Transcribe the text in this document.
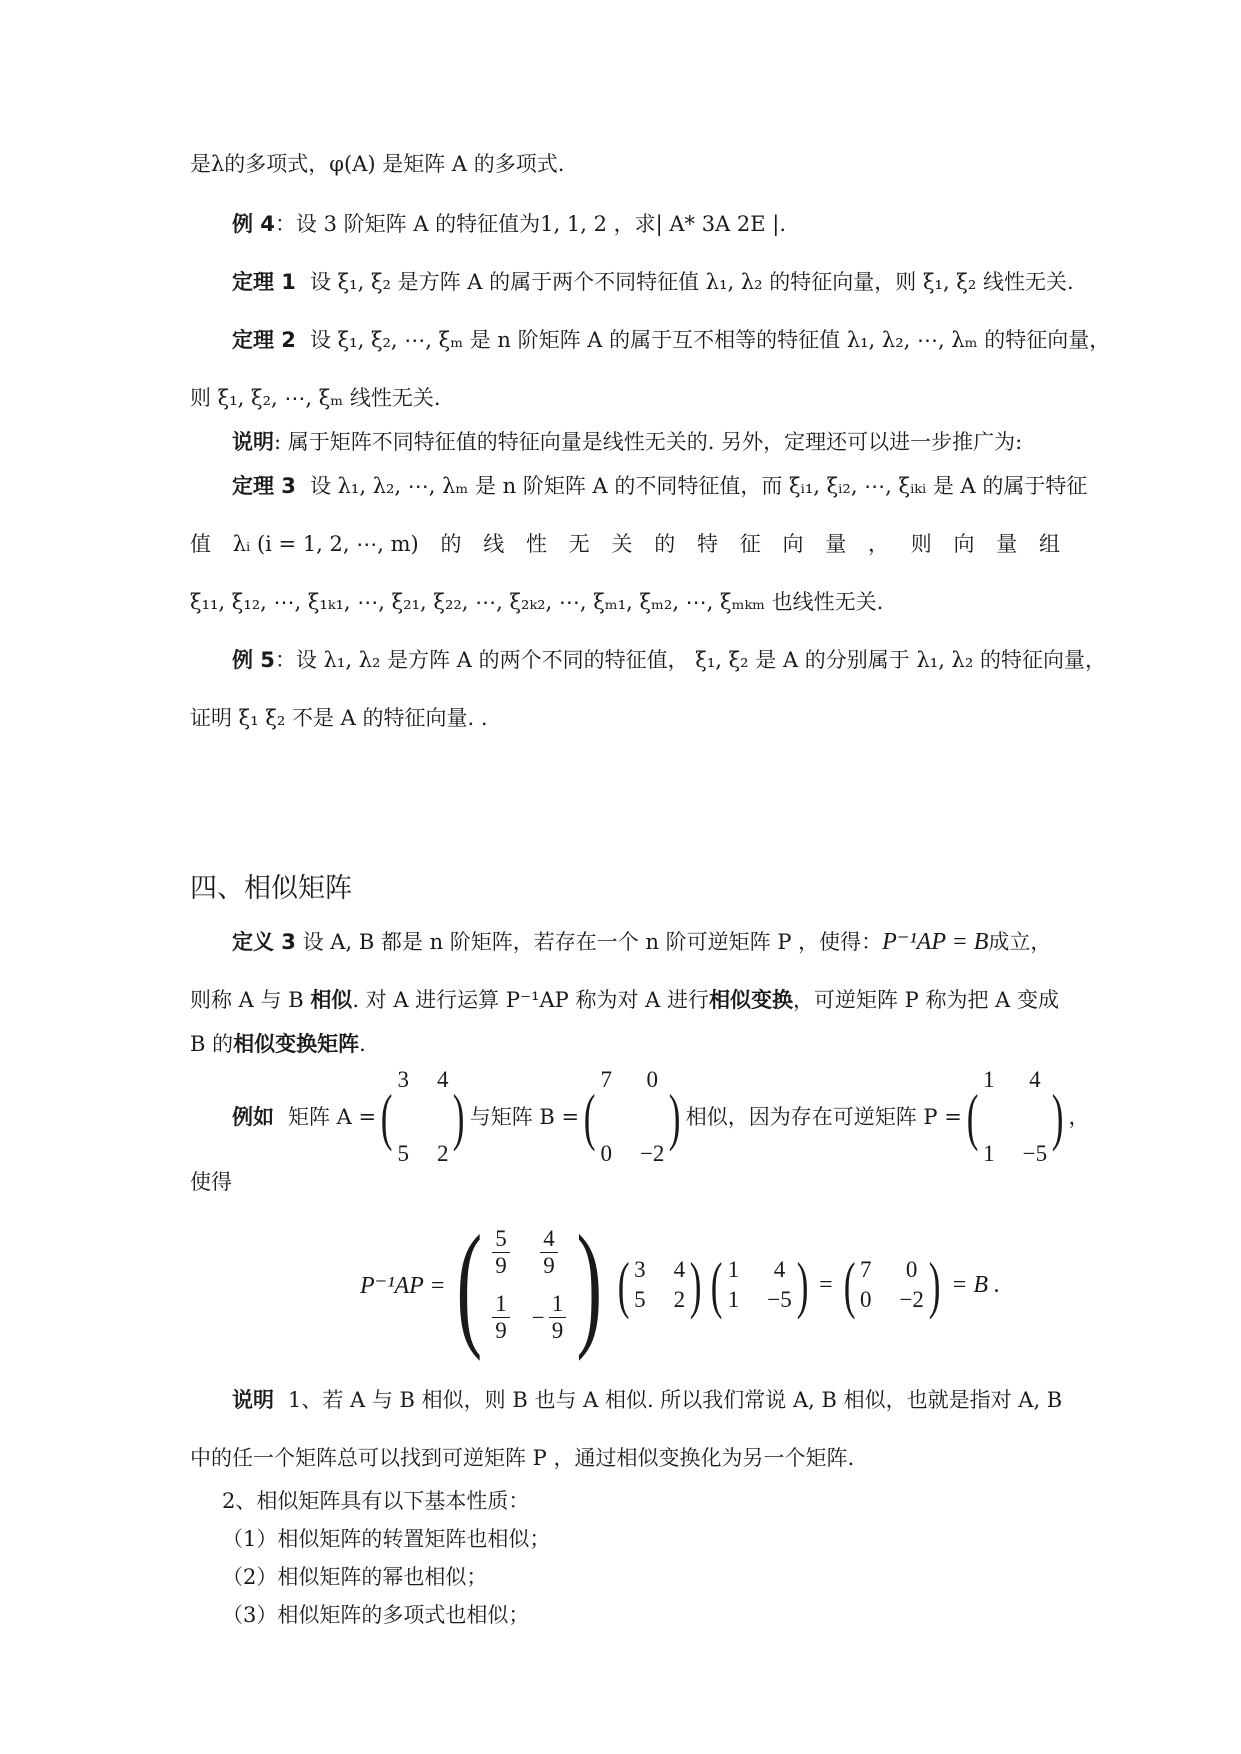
是λ的多项式，φ(A) 是矩阵 A 的多项式.
例 4：设 3 阶矩阵 A 的特征值为1, 1, 2 ，求| A* 3A 2E |.
定理 1 设 ξ₁, ξ₂ 是方阵 A 的属于两个不同特征值 λ₁, λ₂ 的特征向量，则 ξ₁, ξ₂ 线性无关.
定理 2 设 ξ₁, ξ₂, ⋯, ξₘ 是 n 阶矩阵 A 的属于互不相等的特征值 λ₁, λ₂, ⋯, λₘ 的特征向量，
则 ξ₁, ξ₂, ⋯, ξₘ 线性无关.
说明: 属于矩阵不同特征值的特征向量是线性无关的. 另外，定理还可以进一步推广为:
定理 3 设 λ₁, λ₂, ⋯, λₘ 是 n 阶矩阵 A 的不同特征值，而 ξᵢ₁, ξᵢ₂, ⋯, ξᵢₖᵢ 是 A 的属于特征
值 λᵢ (i = 1, 2, ⋯, m) 的 线 性 无 关 的 特 征 向 量 ， 则 向 量 组
ξ₁₁, ξ₁₂, ⋯, ξ₁ₖ₁, ⋯, ξ₂₁, ξ₂₂, ⋯, ξ₂ₖ₂, ⋯, ξₘ₁, ξₘ₂, ⋯, ξₘₖₘ 也线性无关.
例 5：设 λ₁, λ₂ 是方阵 A 的两个不同的特征值， ξ₁, ξ₂ 是 A 的分别属于 λ₁, λ₂ 的特征向量，
证明 ξ₁ ξ₂ 不是 A 的特征向量. .
四、相似矩阵
定义 3 设 A, B 都是 n 阶矩阵，若存在一个 n 阶可逆矩阵 P ，使得：P⁻¹AP = B成立，
则称 A 与 B 相似. 对 A 进行运算 P⁻¹AP 称为对 A 进行相似变换，可逆矩阵 P 称为把 A 变成
B 的相似变换矩阵.
例如 矩阵 A = (
3 4
5 2
) 与矩阵 B = (
7 0
0 −2
) 相似，因为存在可逆矩阵 P = (
1 4
1 −5
) ，
使得
P⁻¹AP = ( $\frac{5}{9} \frac{4}{9}$
$\frac{1}{9} - \frac{1}{9}$ ) ( 3 4
5 2 ) ( 1 4
1 −5 ) = ( 7 0
0 −2 ) = B .
说明 1、若 A 与 B 相似，则 B 也与 A 相似. 所以我们常说 A, B 相似，也就是指对 A, B
中的任一个矩阵总可以找到可逆矩阵 P ，通过相似变换化为另一个矩阵.
2、相似矩阵具有以下基本性质：
（1）相似矩阵的转置矩阵也相似；
（2）相似矩阵的幂也相似；
（3）相似矩阵的多项式也相似；
